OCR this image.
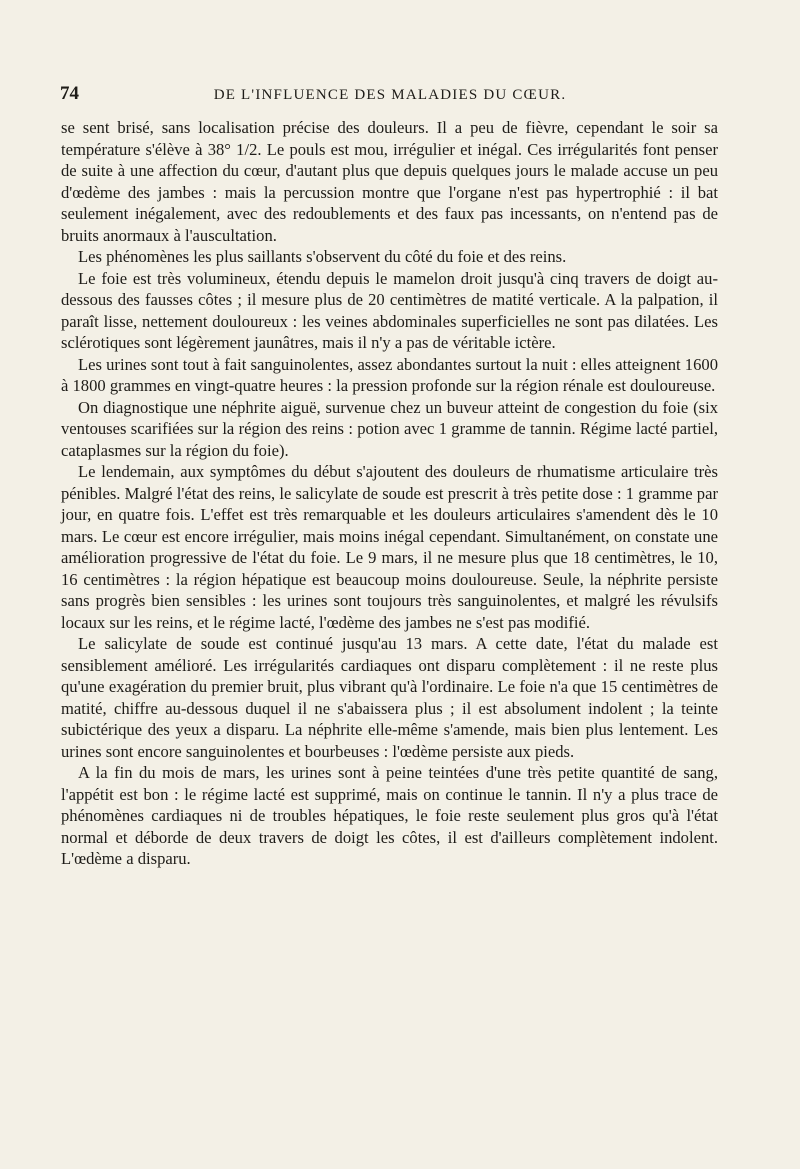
74	DE L'INFLUENCE DES MALADIES DU CŒUR.

se sent brisé, sans localisation précise des douleurs. Il a peu de fièvre, cependant le soir sa température s'élève à 38° 1/2. Le pouls est mou, irrégulier et inégal. Ces irrégularités font penser de suite à une affection du cœur, d'autant plus que depuis quelques jours le malade accuse un peu d'œdème des jambes : mais la percussion montre que l'organe n'est pas hypertrophié : il bat seulement inégalement, avec des redoublements et des faux pas incessants, on n'entend pas de bruits anormaux à l'auscultation.

Les phénomènes les plus saillants s'observent du côté du foie et des reins.

Le foie est très volumineux, étendu depuis le mamelon droit jusqu'à cinq travers de doigt au-dessous des fausses côtes ; il mesure plus de 20 centimètres de matité verticale. A la palpation, il paraît lisse, nettement douloureux : les veines abdominales superficielles ne sont pas dilatées. Les sclérotiques sont légèrement jaunâtres, mais il n'y a pas de véritable ictère.

Les urines sont tout à fait sanguinolentes, assez abondantes surtout la nuit : elles atteignent 1600 à 1800 grammes en vingt-quatre heures : la pression profonde sur la région rénale est douloureuse.

On diagnostique une néphrite aiguë, survenue chez un buveur atteint de congestion du foie (six ventouses scarifiées sur la région des reins : potion avec 1 gramme de tannin. Régime lacté partiel, cataplasmes sur la région du foie).

Le lendemain, aux symptômes du début s'ajoutent des douleurs de rhumatisme articulaire très pénibles. Malgré l'état des reins, le salicylate de soude est prescrit à très petite dose : 1 gramme par jour, en quatre fois. L'effet est très remarquable et les douleurs articulaires s'amendent dès le 10 mars. Le cœur est encore irrégulier, mais moins inégal cependant. Simultanément, on constate une amélioration progressive de l'état du foie. Le 9 mars, il ne mesure plus que 18 centimètres, le 10, 16 centimètres : la région hépatique est beaucoup moins douloureuse. Seule, la néphrite persiste sans progrès bien sensibles : les urines sont toujours très sanguinolentes, et malgré les révulsifs locaux sur les reins, et le régime lacté, l'œdème des jambes ne s'est pas modifié.

Le salicylate de soude est continué jusqu'au 13 mars. A cette date, l'état du malade est sensiblement amélioré. Les irrégularités cardiaques ont disparu complètement : il ne reste plus qu'une exagération du premier bruit, plus vibrant qu'à l'ordinaire. Le foie n'a que 15 centimètres de matité, chiffre au-dessous duquel il ne s'abaissera plus ; il est absolument indolent ; la teinte subictérique des yeux a disparu. La néphrite elle-même s'amende, mais bien plus lentement. Les urines sont encore sanguinolentes et bourbeuses : l'œdème persiste aux pieds.

A la fin du mois de mars, les urines sont à peine teintées d'une très petite quantité de sang, l'appétit est bon : le régime lacté est supprimé, mais on continue le tannin. Il n'y a plus trace de phénomènes cardiaques ni de troubles hépatiques, le foie reste seulement plus gros qu'à l'état normal et déborde de deux travers de doigt les côtes, il est d'ailleurs complètement indolent. L'œdème a disparu.
